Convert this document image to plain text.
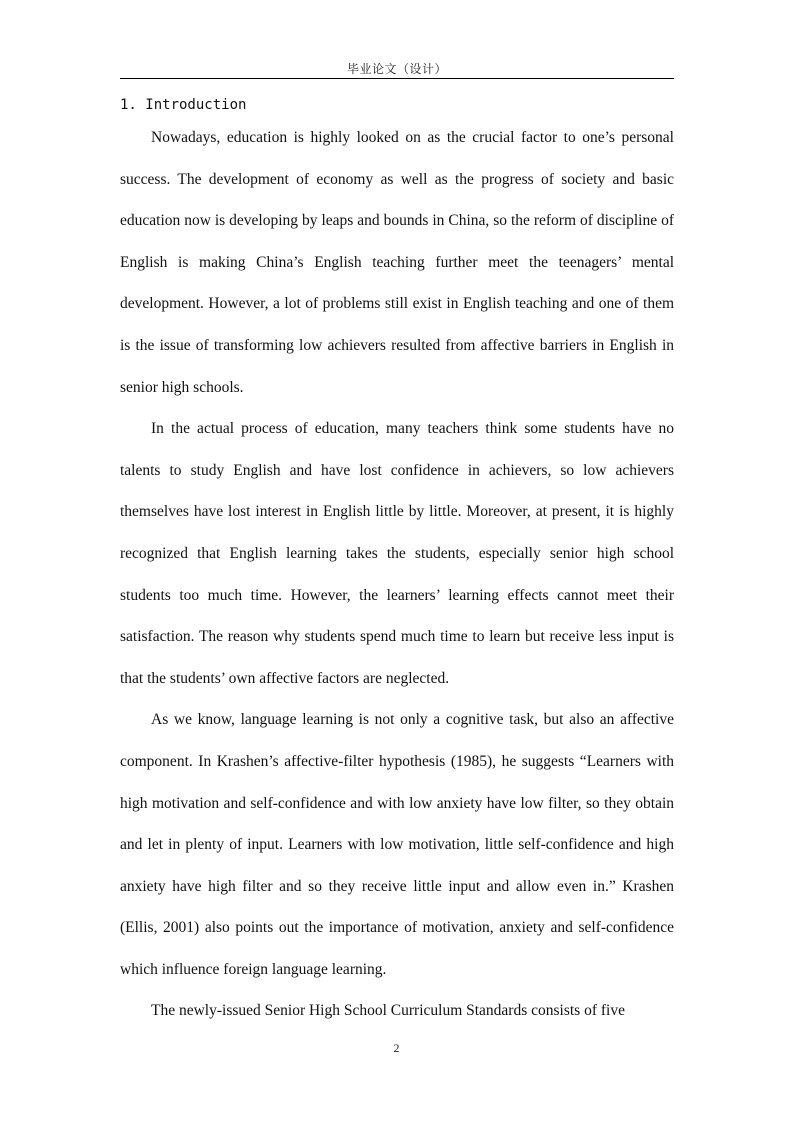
毕业论文（设计）
1. Introduction

Nowadays, education is highly looked on as the crucial factor to one’s personal success. The development of economy as well as the progress of society and basic education now is developing by leaps and bounds in China, so the reform of discipline of English is making China’s English teaching further meet the teenagers’ mental development. However, a lot of problems still exist in English teaching and one of them is the issue of transforming low achievers resulted from affective barriers in English in senior high schools.

In the actual process of education, many teachers think some students have no talents to study English and have lost confidence in achievers, so low achievers themselves have lost interest in English little by little. Moreover, at present, it is highly recognized that English learning takes the students, especially senior high school students too much time. However, the learners’ learning effects cannot meet their satisfaction. The reason why students spend much time to learn but receive less input is that the students’ own affective factors are neglected.

As we know, language learning is not only a cognitive task, but also an affective component. In Krashen’s affective-filter hypothesis (1985), he suggests “Learners with high motivation and self-confidence and with low anxiety have low filter, so they obtain and let in plenty of input. Learners with low motivation, little self-confidence and high anxiety have high filter and so they receive little input and allow even in.” Krashen (Ellis, 2001) also points out the importance of motivation, anxiety and self-confidence which influence foreign language learning.

The newly-issued Senior High School Curriculum Standards consists of five

2
